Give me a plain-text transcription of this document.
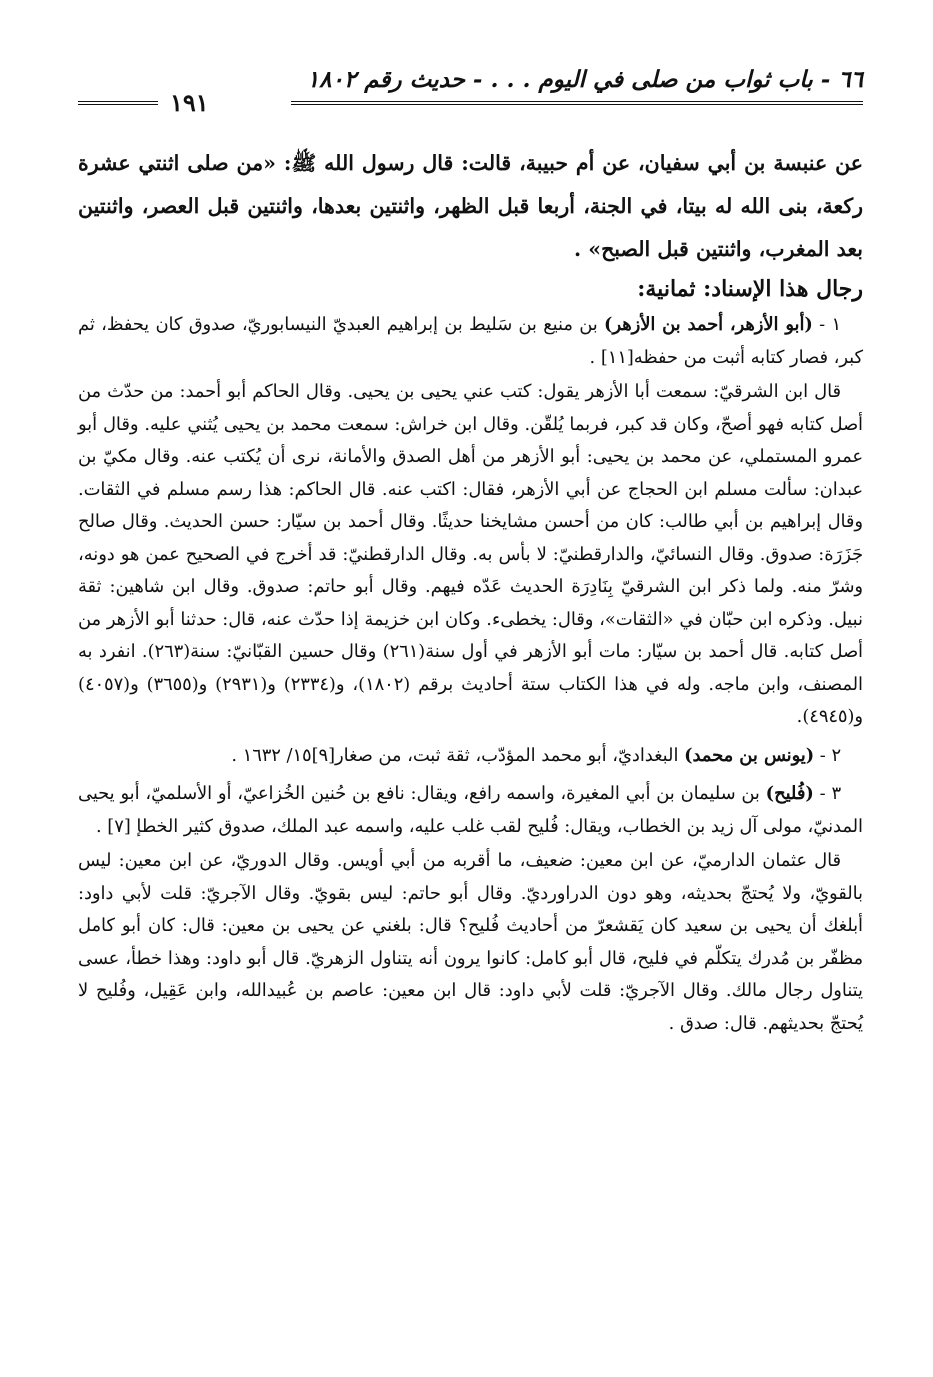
٦٦ - باب ثواب من صلى في اليوم . . . - حديث رقم ١٨٠٢
١٩١
عن عنبسة بن أبي سفيان، عن أم حبيبة، قالت: قال رسول الله ﷺ: «من صلى اثنتي عشرة ركعة، بنى الله له بيتا، في الجنة، أربعا قبل الظهر، واثنتين بعدها، واثنتين قبل العصر، واثنتين بعد المغرب، واثنتين قبل الصبح» .
رجال هذا الإسناد: ثمانية:

١ - (أبو الأزهر، أحمد بن الأزهر) بن منيع بن سَليط بن إبراهيم العبديّ النيسابوريّ، صدوق كان يحفظ، ثم كبر، فصار كتابه أثبت من حفظه[١١] .

قال ابن الشرقيّ: سمعت أبا الأزهر يقول: كتب عني يحيى بن يحيى. وقال الحاكم أبو أحمد: من حدّث من أصل كتابه فهو أصحّ، وكان قد كبر، فربما يُلقّن. وقال ابن خراش: سمعت محمد بن يحيى يُثني عليه. وقال أبو عمرو المستملي، عن محمد بن يحيى: أبو الأزهر من أهل الصدق والأمانة، نرى أن يُكتب عنه. وقال مكيّ بن عبدان: سألت مسلم ابن الحجاج عن أبي الأزهر، فقال: اكتب عنه. قال الحاكم: هذا رسم مسلم في الثقات. وقال إبراهيم بن أبي طالب: كان من أحسن مشايخنا حديثًا. وقال أحمد بن سيّار: حسن الحديث. وقال صالح جَزَرَة: صدوق. وقال النسائيّ، والدارقطنيّ: لا بأس به. وقال الدارقطنيّ: قد أخرج في الصحيح عمن هو دونه، وشرّ منه. ولما ذكر ابن الشرقيّ بِنَادِرَة الحديث عَدّه فيهم. وقال أبو حاتم: صدوق. وقال ابن شاهين: ثقة نبيل. وذكره ابن حبّان في «الثقات»، وقال: يخطىء. وكان ابن خزيمة إذا حدّث عنه، قال: حدثنا أبو الأزهر من أصل كتابه. قال أحمد بن سيّار: مات أبو الأزهر في أول سنة(٢٦١) وقال حسين القبّانيّ: سنة(٢٦٣). انفرد به المصنف، وابن ماجه. وله في هذا الكتاب ستة أحاديث برقم (١٨٠٢)، و(٢٣٣٤) و(٢٩٣١) و(٣٦٥٥) و(٤٠٥٧) و(٤٩٤٥).

٢ - (يونس بن محمد) البغداديّ، أبو محمد المؤدّب، ثقة ثبت، من صغار[٩]١٥/ ١٦٣٢ .

٣ - (فُليح) بن سليمان بن أبي المغيرة، واسمه رافع، ويقال: نافع بن حُنين الخُزاعيّ، أو الأسلميّ، أبو يحيى المدنيّ، مولى آل زيد بن الخطاب، ويقال: فُليح لقب غلب عليه، واسمه عبد الملك، صدوق كثير الخطإ [٧] .

قال عثمان الدارميّ، عن ابن معين: ضعيف، ما أقربه من أبي أويس. وقال الدوريّ، عن ابن معين: ليس بالقويّ، ولا يُحتجّ بحديثه، وهو دون الدراورديّ. وقال أبو حاتم: ليس بقويّ. وقال الآجريّ: قلت لأبي داود: أبلغك أن يحيى بن سعيد كان يَقشعرّ من أحاديث فُليح؟ قال: بلغني عن يحيى بن معين: قال: كان أبو كامل مظفّر بن مُدرك يتكلّم في فليح، قال أبو كامل: كانوا يرون أنه يتناول الزهريّ. قال أبو داود: وهذا خطأ، عسى يتناول رجال مالك. وقال الآجريّ: قلت لأبي داود: قال ابن معين: عاصم بن عُبيدالله، وابن عَقِيل، وفُليح لا يُحتجّ بحديثهم. قال: صدق .
